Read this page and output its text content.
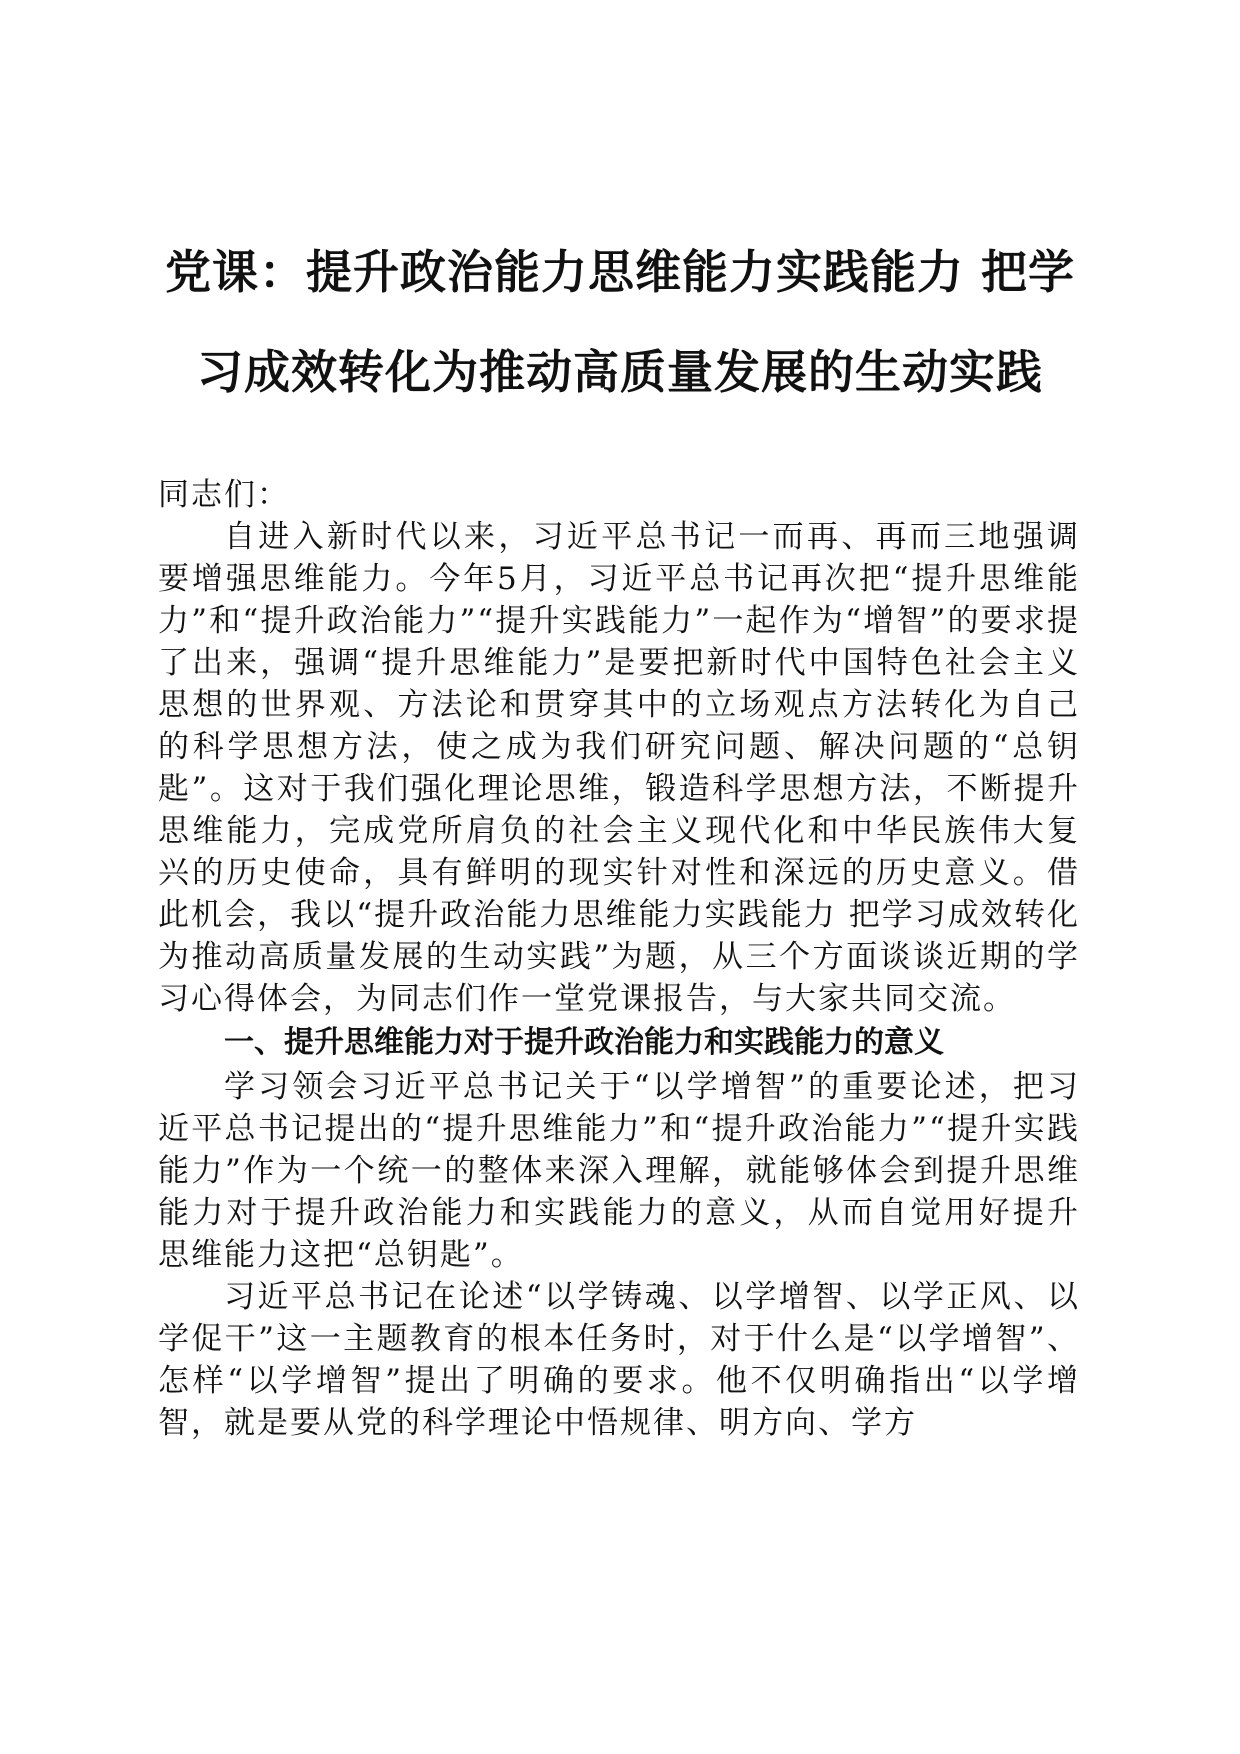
党课：提升政治能力思维能力实践能力 把学
习成效转化为推动高质量发展的生动实践

同志们：

自进入新时代以来，习近平总书记一而再、再而三地强调要增强思维能力。今年5月，习近平总书记再次把“提升思维能力”和“提升政治能力”“提升实践能力”一起作为“增智”的要求提了出来，强调“提升思维能力”是要把新时代中国特色社会主义思想的世界观、方法论和贯穿其中的立场观点方法转化为自己的科学思想方法，使之成为我们研究问题、解决问题的“总钥匙”。这对于我们强化理论思维，锻造科学思想方法，不断提升思维能力，完成党所肩负的社会主义现代化和中华民族伟大复兴的历史使命，具有鲜明的现实针对性和深远的历史意义。借此机会，我以“提升政治能力思维能力实践能力 把学习成效转化为推动高质量发展的生动实践”为题，从三个方面谈谈近期的学习心得体会，为同志们作一堂党课报告，与大家共同交流。

一、提升思维能力对于提升政治能力和实践能力的意义

学习领会习近平总书记关于“以学增智”的重要论述，把习近平总书记提出的“提升思维能力”和“提升政治能力”“提升实践能力”作为一个统一的整体来深入理解，就能够体会到提升思维能力对于提升政治能力和实践能力的意义，从而自觉用好提升思维能力这把“总钥匙”。

习近平总书记在论述“以学铸魂、以学增智、以学正风、以学促干”这一主题教育的根本任务时，对于什么是“以学增智”、怎样“以学增智”提出了明确的要求。他不仅明确指出“以学增智，就是要从党的科学理论中悟规律、明方向、学方
